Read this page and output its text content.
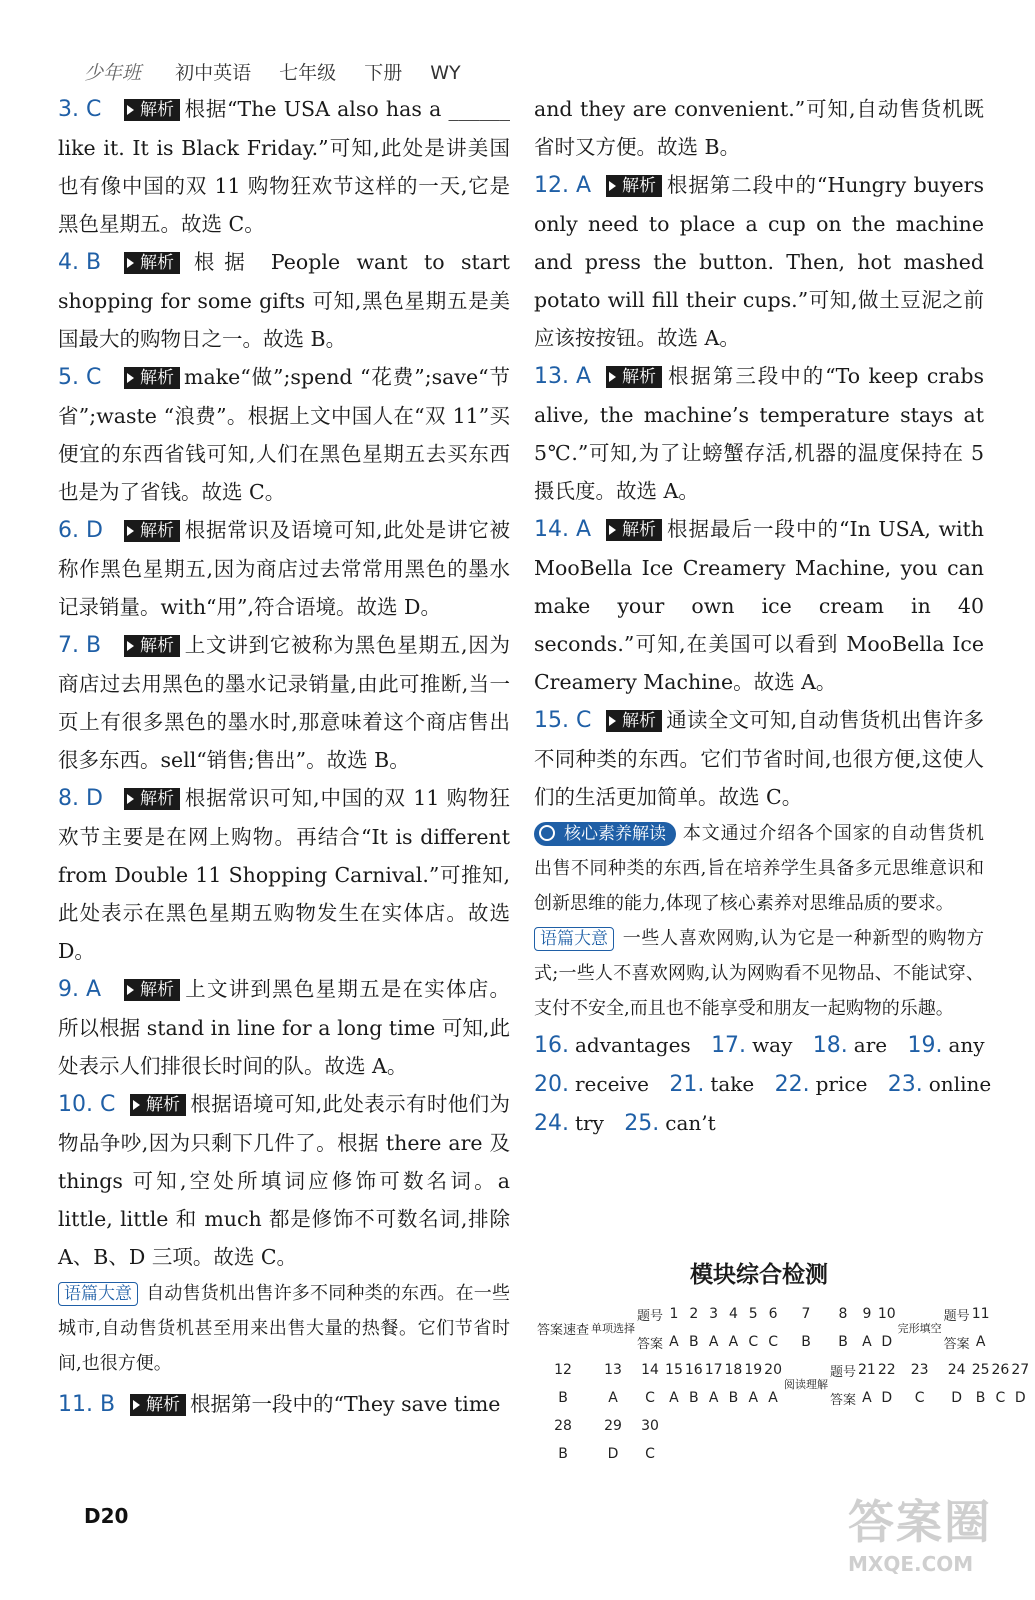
少年班 初中英语 七年级 下册 WY

3. C 解析 根据“The USA also has a ______ like it. It is Black Friday.”可知,此处是讲美国也有像中国的双 11 购物狂欢节这样的一天,它是黑色星期五。故选 C。

4. B 解析 根据 People want to start shopping for some gifts 可知,黑色星期五是美国最大的购物日之一。故选 B。

5. C 解析 make“做”;spend “花费”;save“节省”;waste “浪费”。根据上文中国人在“双 11”买便宜的东西省钱可知,人们在黑色星期五去买东西也是为了省钱。故选 C。

6. D 解析 根据常识及语境可知,此处是讲它被称作黑色星期五,因为商店过去常常用黑色的墨水记录销量。with“用”,符合语境。故选 D。

7. B 解析 上文讲到它被称为黑色星期五,因为商店过去用黑色的墨水记录销量,由此可推断,当一页上有很多黑色的墨水时,那意味着这个商店售出很多东西。sell“销售;售出”。故选 B。

8. D 解析 根据常识可知,中国的双 11 购物狂欢节主要是在网上购物。再结合“It is different from Double 11 Shopping Carnival.”可推知,此处表示在黑色星期五购物发生在实体店。故选 D。

9. A 解析 上文讲到黑色星期五是在实体店。所以根据 stand in line for a long time 可知,此处表示人们排很长时间的队。故选 A。

10. C 解析 根据语境可知,此处表示有时他们为物品争吵,因为只剩下几件了。根据 there are 及 things 可知,空处所填词应修饰可数名词。a little, little 和 much 都是修饰不可数名词,排除 A、B、D 三项。故选 C。

语篇大意 自动售货机出售许多不同种类的东西。在一些城市,自动售货机甚至用来出售大量的热餐。它们节省时间,也很方便。

11. B 解析 根据第一段中的“They save time

and they are convenient.”可知,自动售货机既省时又方便。故选 B。

12. A 解析 根据第二段中的“Hungry buyers only need to place a cup on the machine and press the button. Then, hot mashed potato will fill their cups.”可知,做土豆泥之前应该按按钮。故选 A。

13. A 解析 根据第三段中的“To keep crabs alive, the machine’s temperature stays at 5℃.”可知,为了让螃蟹存活,机器的温度保持在 5 摄氏度。故选 A。

14. A 解析 根据最后一段中的“In USA, with MooBella Ice Creamery Machine, you can make your own ice cream in 40 seconds.”可知,在美国可以看到 MooBella Ice Creamery Machine。故选 A。

15. C 解析 通读全文可知,自动售货机出售许多不同种类的东西。它们节省时间,也很方便,这使人们的生活更加简单。故选 C。

核心素养解读 本文通过介绍各个国家的自动售货机出售不同种类的东西,旨在培养学生具备多元思维意识和创新思维的能力,体现了核心素养对思维品质的要求。

语篇大意 一些人喜欢网购,认为它是一种新型的购物方式;一些人不喜欢网购,认为网购看不见物品、不能试穿、支付不安全,而且也不能享受和朋友一起购物的乐趣。

16. advantages 17. way 18. are 19. any

20. receive 21. take 22. price 23. online

24. try 25. can’t

模块综合检测
答案速查	单项选择	题号	1	2	3	4	5	6	7	8	9	10	完形填空	题号	11		
		答案	A	B	A	A	C	C	B	B	A	D		答案	A		
12	13	14	15	16	17	18	19	20	阅读理解	题号	21	22	23	24	25	26	27
B	A	C	A	B	A	B	A	A		答案	A	D	C	D	B	C	D
28	29	30															
B	D	C															
D20	答案圈
MXQE.COM
